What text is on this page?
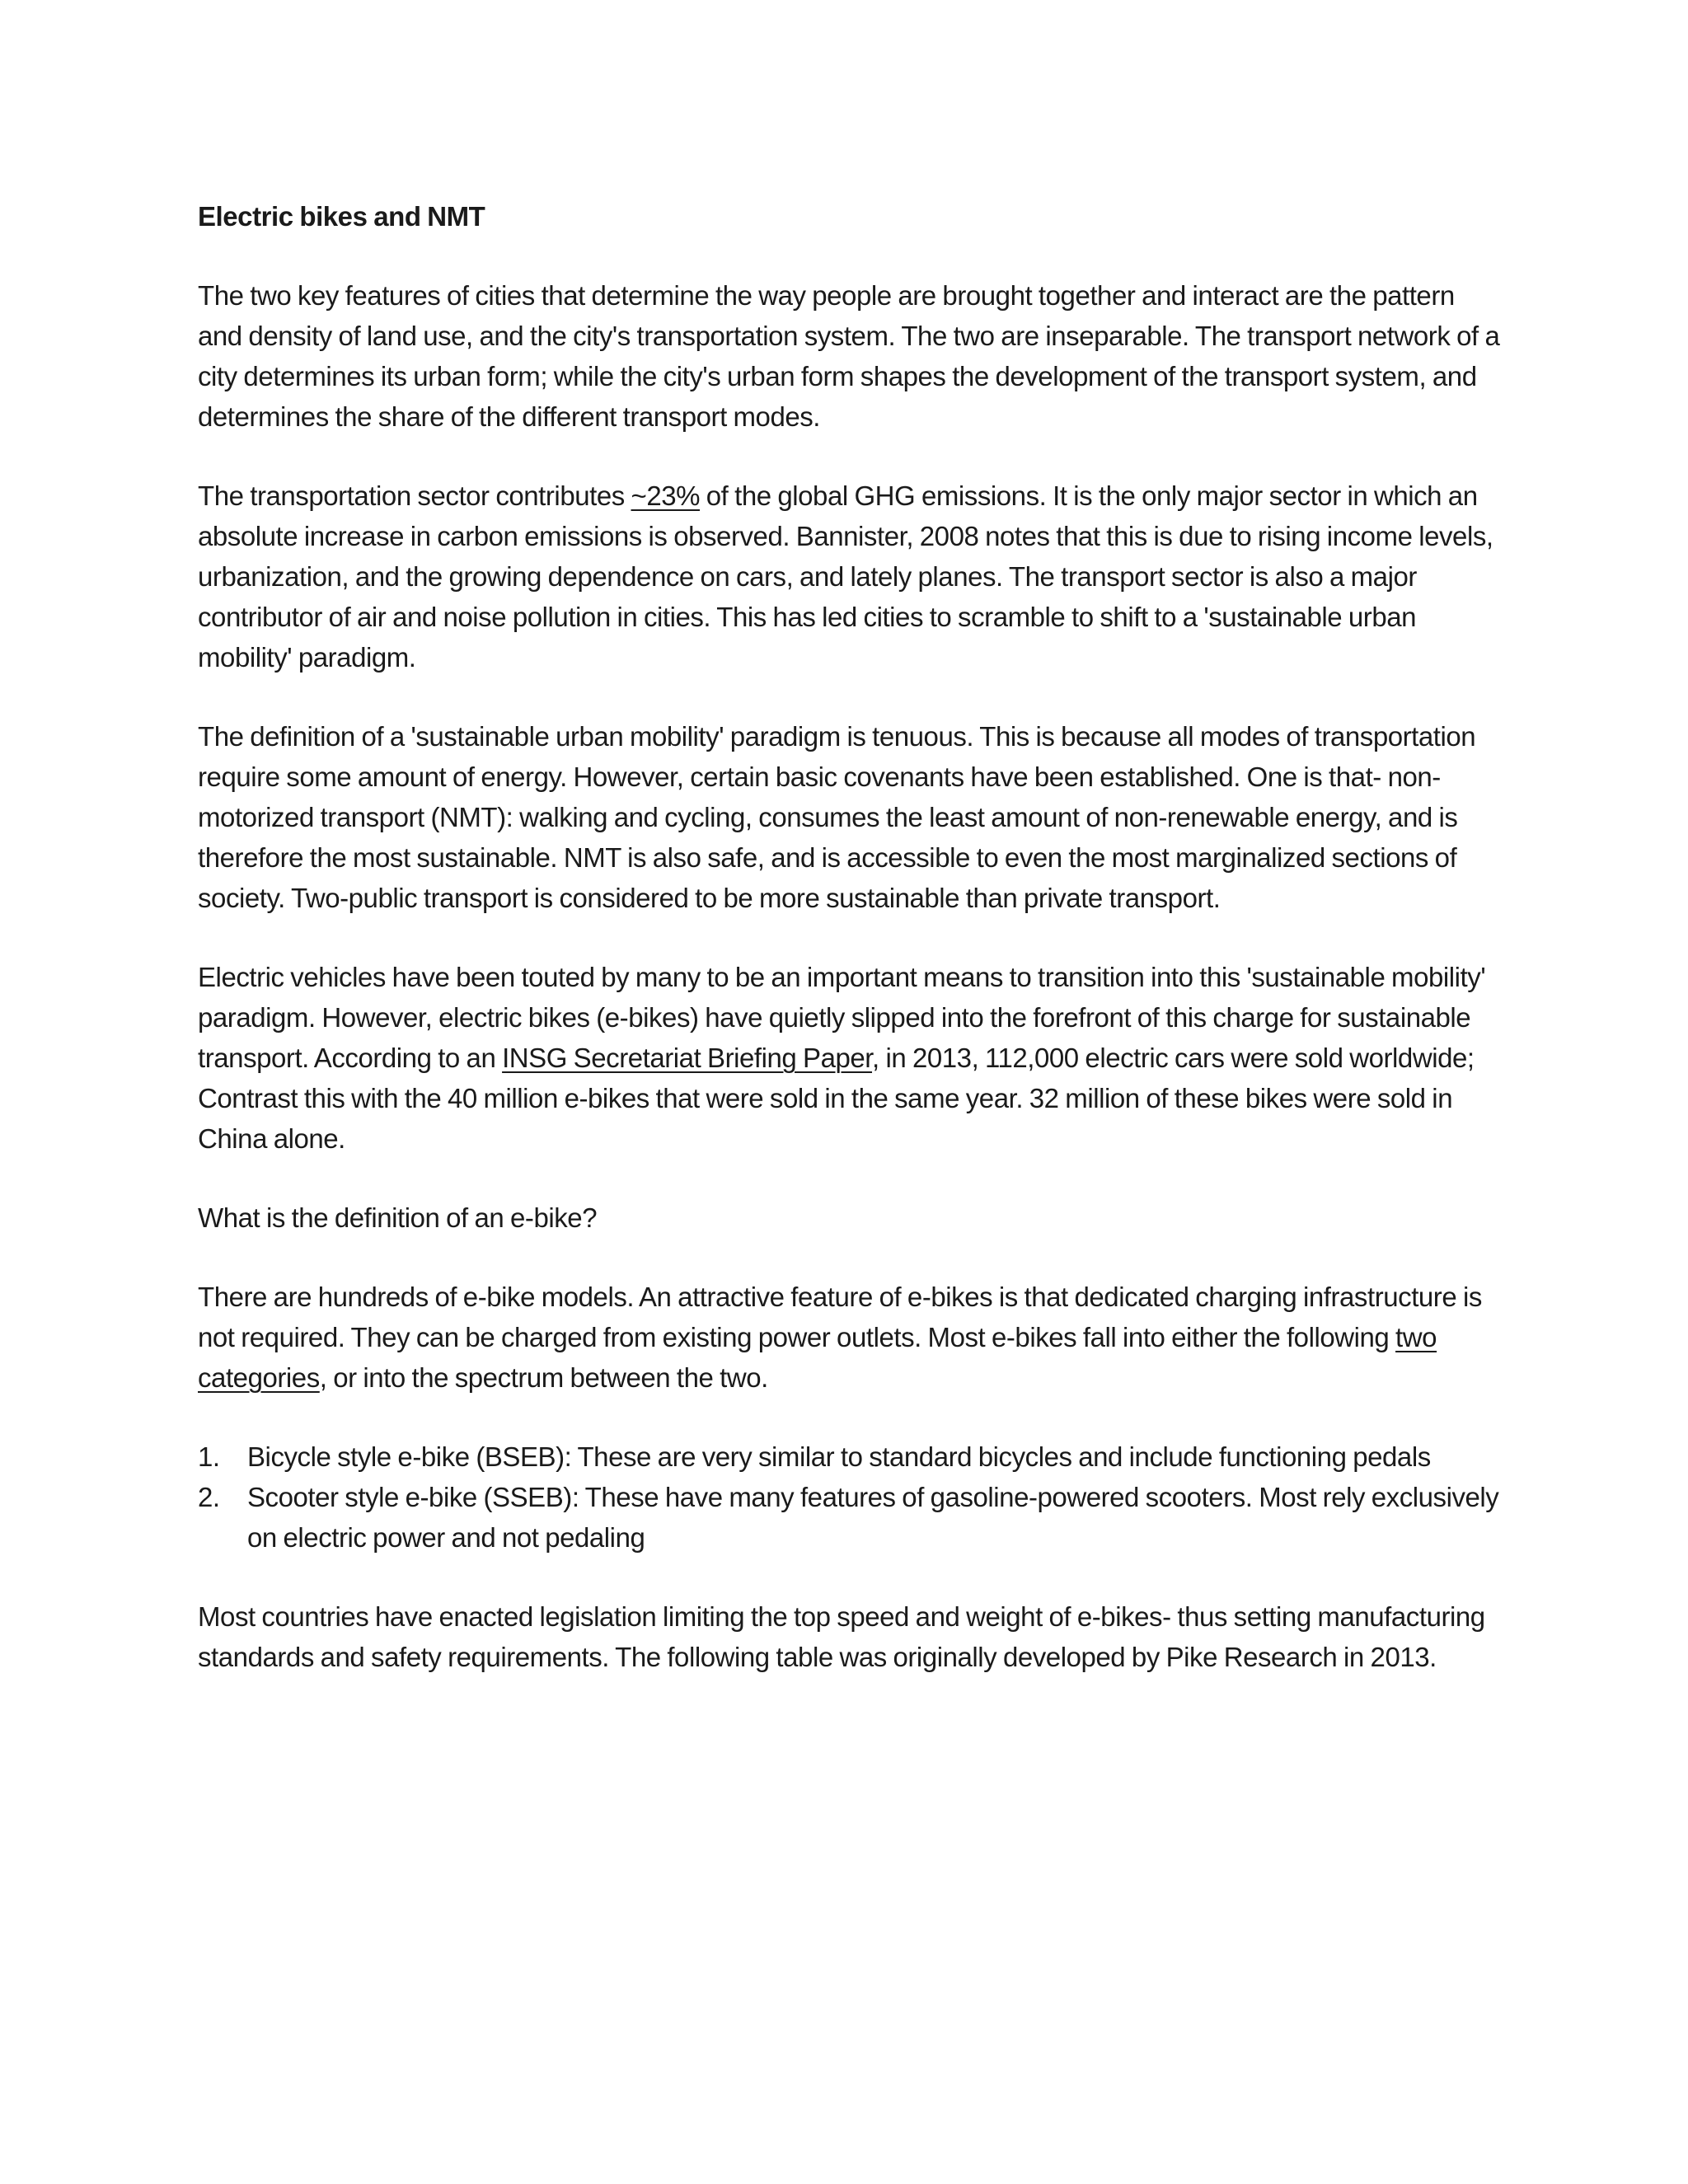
Electric bikes and NMT

The two key features of cities that determine the way people are brought together and interact are the pattern and density of land use, and the city's transportation system. The two are inseparable. The transport network of a city determines its urban form; while the city's urban form shapes the development of the transport system, and determines the share of the different transport modes.

The transportation sector contributes ~23% of the global GHG emissions. It is the only major sector in which an absolute increase in carbon emissions is observed. Bannister, 2008 notes that this is due to rising income levels, urbanization, and the growing dependence on cars, and lately planes. The transport sector is also a major contributor of air and noise pollution in cities. This has led cities to scramble to shift to a 'sustainable urban mobility' paradigm.

The definition of a 'sustainable urban mobility' paradigm is tenuous. This is because all modes of transportation require some amount of energy. However, certain basic covenants have been established. One is that- non-motorized transport (NMT): walking and cycling, consumes the least amount of non-renewable energy, and is therefore the most sustainable. NMT is also safe, and is accessible to even the most marginalized sections of society. Two-public transport is considered to be more sustainable than private transport.

Electric vehicles have been touted by many to be an important means to transition into this 'sustainable mobility' paradigm. However, electric bikes (e-bikes) have quietly slipped into the forefront of this charge for sustainable transport. According to an INSG Secretariat Briefing Paper, in 2013, 112,000 electric cars were sold worldwide; Contrast this with the 40 million e-bikes that were sold in the same year. 32 million of these bikes were sold in China alone.

What is the definition of an e-bike?

There are hundreds of e-bike models. An attractive feature of e-bikes is that dedicated charging infrastructure is not required. They can be charged from existing power outlets. Most e-bikes fall into either the following two categories, or into the spectrum between the two.

1. Bicycle style e-bike (BSEB): These are very similar to standard bicycles and include functioning pedals
2. Scooter style e-bike (SSEB): These have many features of gasoline-powered scooters. Most rely exclusively on electric power and not pedaling

Most countries have enacted legislation limiting the top speed and weight of e-bikes- thus setting manufacturing standards and safety requirements. The following table was originally developed by Pike Research in 2013.
